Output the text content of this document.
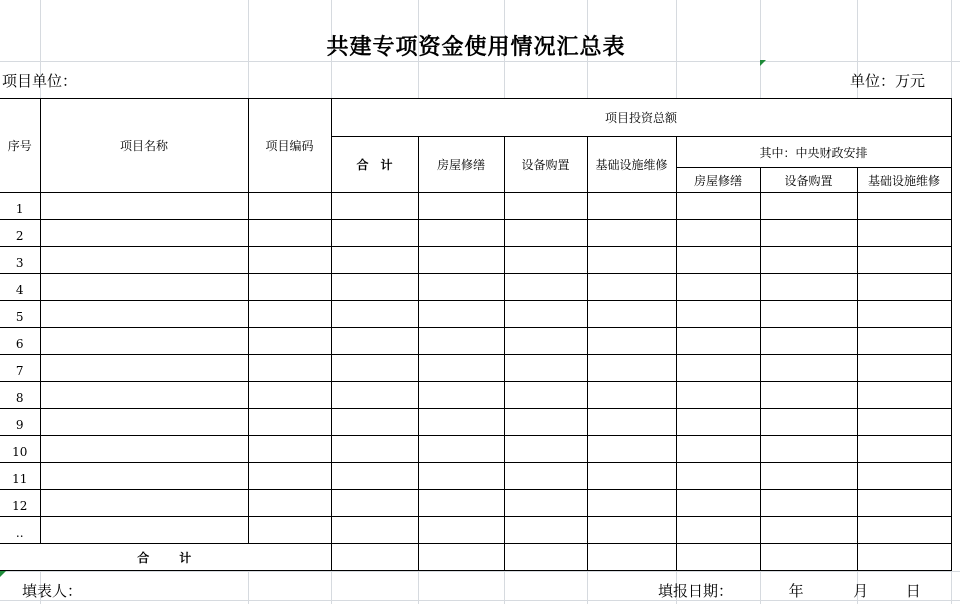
共建专项资金使用情况汇总表
项目单位：	单位：万元
序号	项目名称	项目编码	项目投资总额						
			合　计	房屋修缮	设备购置	基础设施维修	其中：中央财政安排		
							房屋修缮	设备购置	基础设施维修
1									
2									
3									
4									
5									
6									
7									
8									
9									
10									
11									
12									
..									
合　　计									
填表人：	填报日期：	年	月	日
